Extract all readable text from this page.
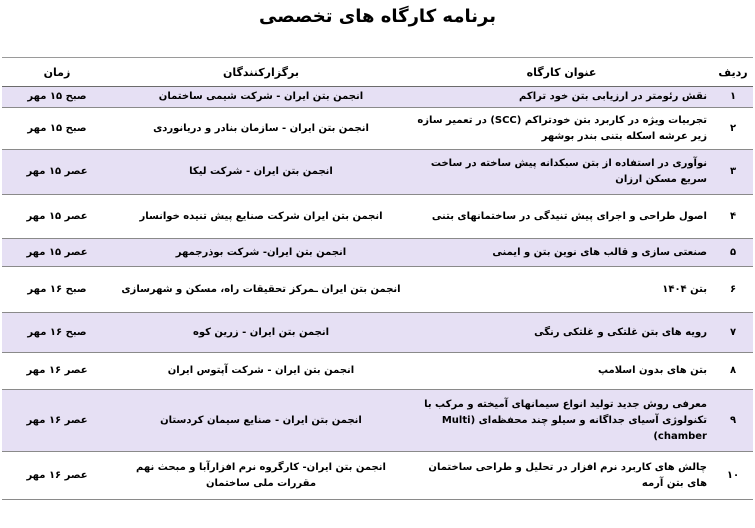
برنامه کارگاه های تخصصی
ردیف	عنوان کارگاه	برگزارکنندگان	زمان
۱	نقش رئومتر در ارزیابی بتن خود تراکم	انجمن بتن ایران - شرکت شیمی ساختمان	صبح ۱۵ مهر
۲	تجربیات ویژه در کاربرد بتن خودتراکم (SCC) در تعمیر سازه زیر عرشه اسکله بتنی بندر بوشهر	انجمن بتن ایران - سازمان بنادر و دریانوردی	صبح ۱۵ مهر
۳	نوآوری در استفاده از بتن سبکدانه پیش ساخته در ساخت سریع مسکن ارزان	انجمن بتن ایران - شرکت لیکا	عصر ۱۵ مهر
۴	اصول طراحی و اجرای پیش تنیدگی در ساختمانهای بتنی	انجمن بتن ایران شرکت صنایع پیش تنیده خوانسار	عصر ۱۵ مهر
۵	صنعتی سازی و قالب های نوین بتن و ایمنی	انجمن بتن ایران- شرکت بوذرجمهر	عصر ۱۵ مهر
۶	بتن ۱۴۰۴	انجمن بتن ایران ـمرکز تحقیقات راه، مسکن و شهرسازی	صبح ۱۶ مهر
۷	رویه های بتن غلتکی و غلتکی رنگی	انجمن بتن ایران - زرین کوه	صبح ۱۶ مهر
۸	بتن های بدون اسلامپ	انجمن بتن ایران - شرکت آپتوس ایران	عصر ۱۶ مهر
۹	معرفی روش جدید تولید انواع سیمانهای آمیخته و مرکب با تکنولوژی آسیای جداگانه و سیلو چند محفظه‌ای (Multi chamber)	انجمن بتن ایران - صنایع سیمان کردستان	عصر ۱۶ مهر
۱۰	چالش های کاربرد نرم افزار در تحلیل و طراحی ساختمان های بتن آرمه	انجمن بتن ایران- کارگروه نرم افزارآبا و مبحث نهم مقررات ملی ساختمان	عصر ۱۶ مهر
